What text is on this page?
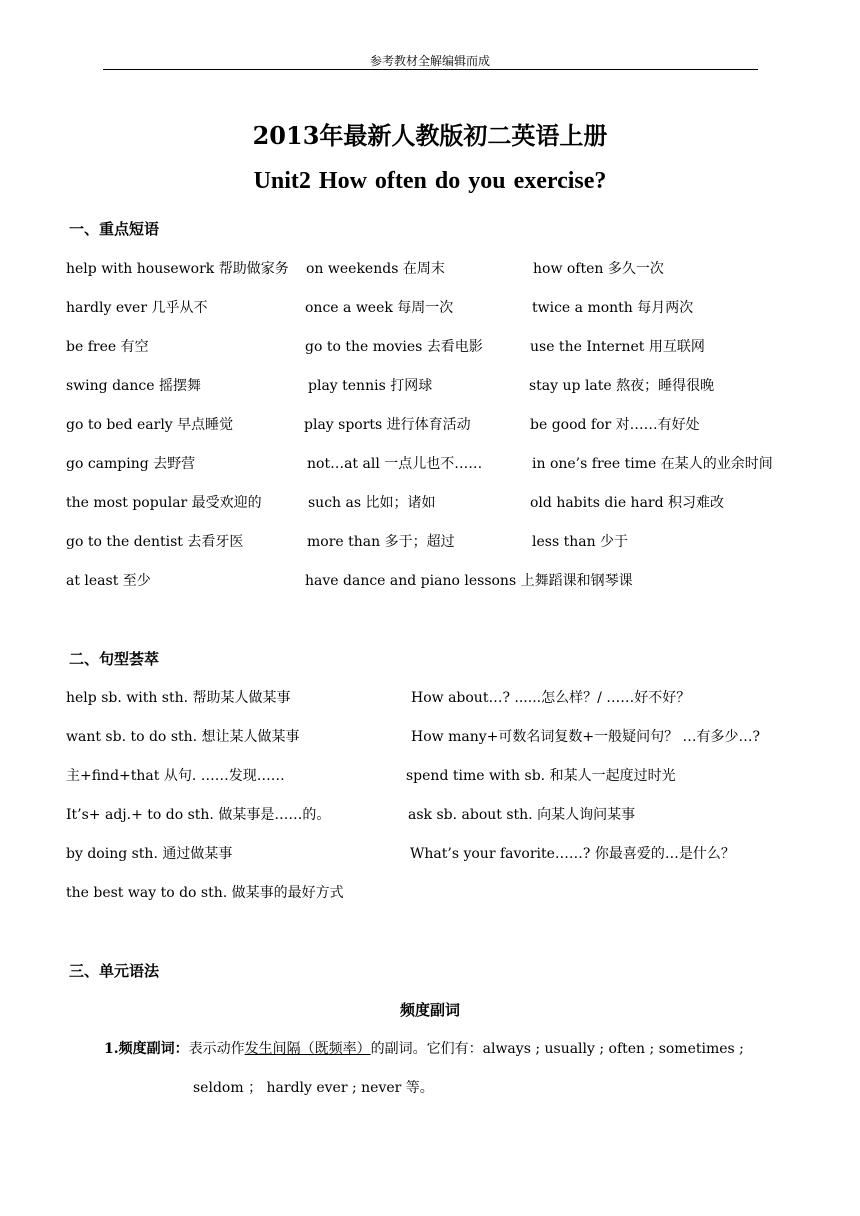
参考教材全解编辑而成
2013年最新人教版初二英语上册
Unit2 How often do you exercise?
一、重点短语
help with housework 帮助做家务 on weekends 在周末	how often 多久一次
hardly ever 几乎从不	once a week 每周一次	twice a month 每月两次
be free 有空	go to the movies 去看电影	use the Internet 用互联网
swing dance 摇摆舞	play tennis 打网球	stay up late 熬夜；睡得很晚
go to bed early 早点睡觉	play sports 进行体育活动	be good for 对……有好处
go camping 去野营	not…at all 一点儿也不……	in one’s free time 在某人的业余时间
the most popular 最受欢迎的	such as 比如；诸如	old habits die hard 积习难改
go to the dentist 去看牙医	more than 多于；超过	less than 少于
at least 至少	have dance and piano lessons 上舞蹈课和钢琴课
二、句型荟萃
help sb. with sth. 帮助某人做某事	How about…? ......怎么样？/ ……好不好？
want sb. to do sth. 想让某人做某事	How many+可数名词复数+一般疑问句？ …有多少…?
主+find+that 从句. ……发现……	spend time with sb. 和某人一起度过时光
It’s+ adj.+ to do sth. 做某事是……的。	ask sb. about sth. 向某人询问某事
by doing sth. 通过做某事	What’s your favorite……? 你最喜爱的…是什么？
the best way to do sth. 做某事的最好方式
三、单元语法
频度副词
1.频度副词：表示动作发生间隔（既频率）的副词。它们有：always ; usually ; often ; sometimes ;
seldom ； hardly ever ; never 等。
